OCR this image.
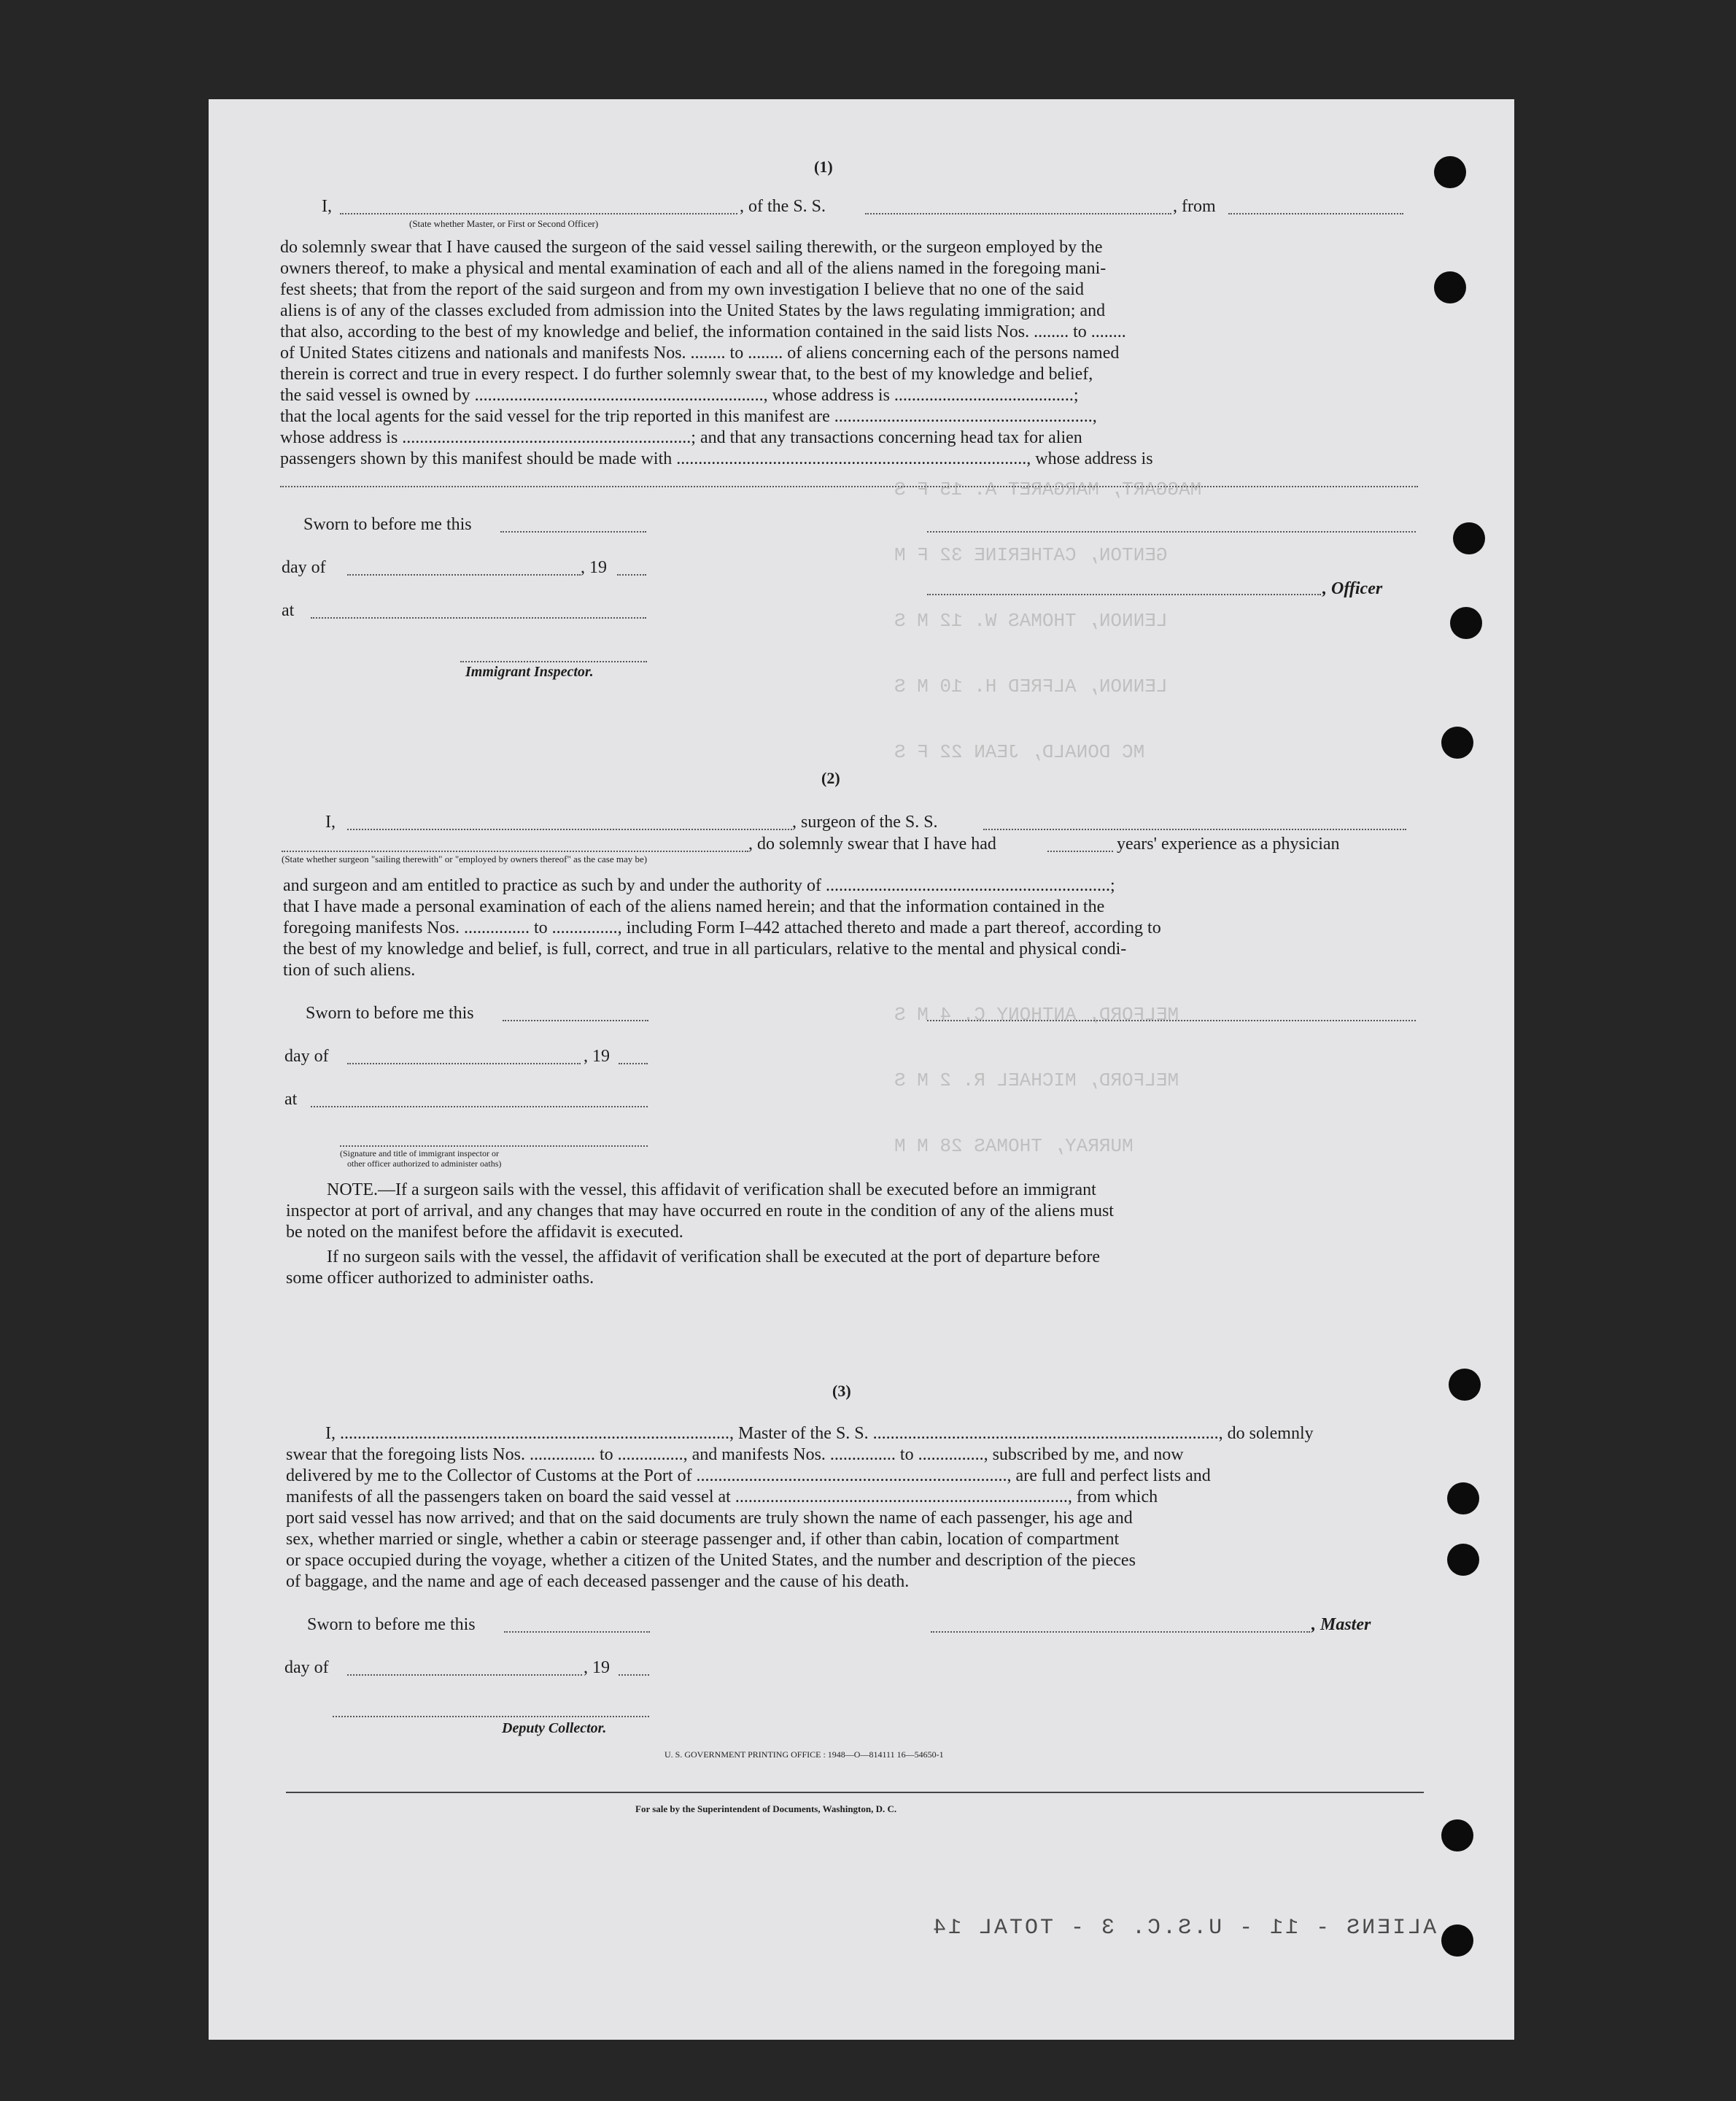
MAGGART, MARGARET A. 15 F S
GENTON, CATHERINE 32 F M
LENNON, THOMAS W. 12 M S
LENNON, ALFRED H. 10 M S
MC DONALD, JEAN 22 F S
MELFORD, ANTHONY C. 4 M S
MELFORD, MICHAEL R. 2 M S
MURRAY, THOMAS 28 M M
(1)
I,	, of the S. S.	, from
(State whether Master, or First or Second Officer)
do solemnly swear that I have caused the surgeon of the said vessel sailing therewith, or the surgeon employed by the
owners thereof, to make a physical and mental examination of each and all of the aliens named in the foregoing mani-
fest sheets; that from the report of the said surgeon and from my own investigation I believe that no one of the said
aliens is of any of the classes excluded from admission into the United States by the laws regulating immigration; and
that also, according to the best of my knowledge and belief, the information contained in the said lists Nos. ........ to ........
of United States citizens and nationals and manifests Nos. ........ to ........ of aliens concerning each of the persons named
therein is correct and true in every respect. I do further solemnly swear that, to the best of my knowledge and belief,
the said vessel is owned by .................................................................., whose address is .........................................;
that the local agents for the said vessel for the trip reported in this manifest are ...........................................................,
whose address is ..................................................................; and that any transactions concerning head tax for alien
passengers shown by this manifest should be made with ................................................................................, whose address is
Sworn to before me this
day of	, 19
, Officer
at
Immigrant Inspector.
(2)
I,	, surgeon of the S. S.
, do solemnly swear that I have had	years' experience as a physician
(State whether surgeon "sailing therewith" or "employed by owners thereof" as the case may be)
and surgeon and am entitled to practice as such by and under the authority of .................................................................;
that I have made a personal examination of each of the aliens named herein; and that the information contained in the
foregoing manifests Nos. ............... to ..............., including Form I–442 attached thereto and made a part thereof, according to
the best of my knowledge and belief, is full, correct, and true in all particulars, relative to the mental and physical condi-
tion of such aliens.
Sworn to before me this
day of	, 19
at
(Signature and title of immigrant inspector or
other officer authorized to administer oaths)
NOTE.—If a surgeon sails with the vessel, this affidavit of verification shall be executed before an immigrant
inspector at port of arrival, and any changes that may have occurred en route in the condition of any of the aliens must
be noted on the manifest before the affidavit is executed.
If no surgeon sails with the vessel, the affidavit of verification shall be executed at the port of departure before
some officer authorized to administer oaths.
(3)
I, ........................................................................................., Master of the S. S. ..............................................................................., do solemnly
swear that the foregoing lists Nos. ............... to ..............., and manifests Nos. ............... to ..............., subscribed by me, and now
delivered by me to the Collector of Customs at the Port of ......................................................................., are full and perfect lists and
manifests of all the passengers taken on board the said vessel at ............................................................................, from which
port said vessel has now arrived; and that on the said documents are truly shown the name of each passenger, his age and
sex, whether married or single, whether a cabin or steerage passenger and, if other than cabin, location of compartment
or space occupied during the voyage, whether a citizen of the United States, and the number and description of the pieces
of baggage, and the name and age of each deceased passenger and the cause of his death.
Sworn to before me this	, Master
day of	, 19
Deputy Collector.
U. S. GOVERNMENT PRINTING OFFICE : 1948—O—814111 16—54650-1
For sale by the Superintendent of Documents, Washington, D. C.
ALIENS - 11 - U.S.C. 3 - TOTAL 14
